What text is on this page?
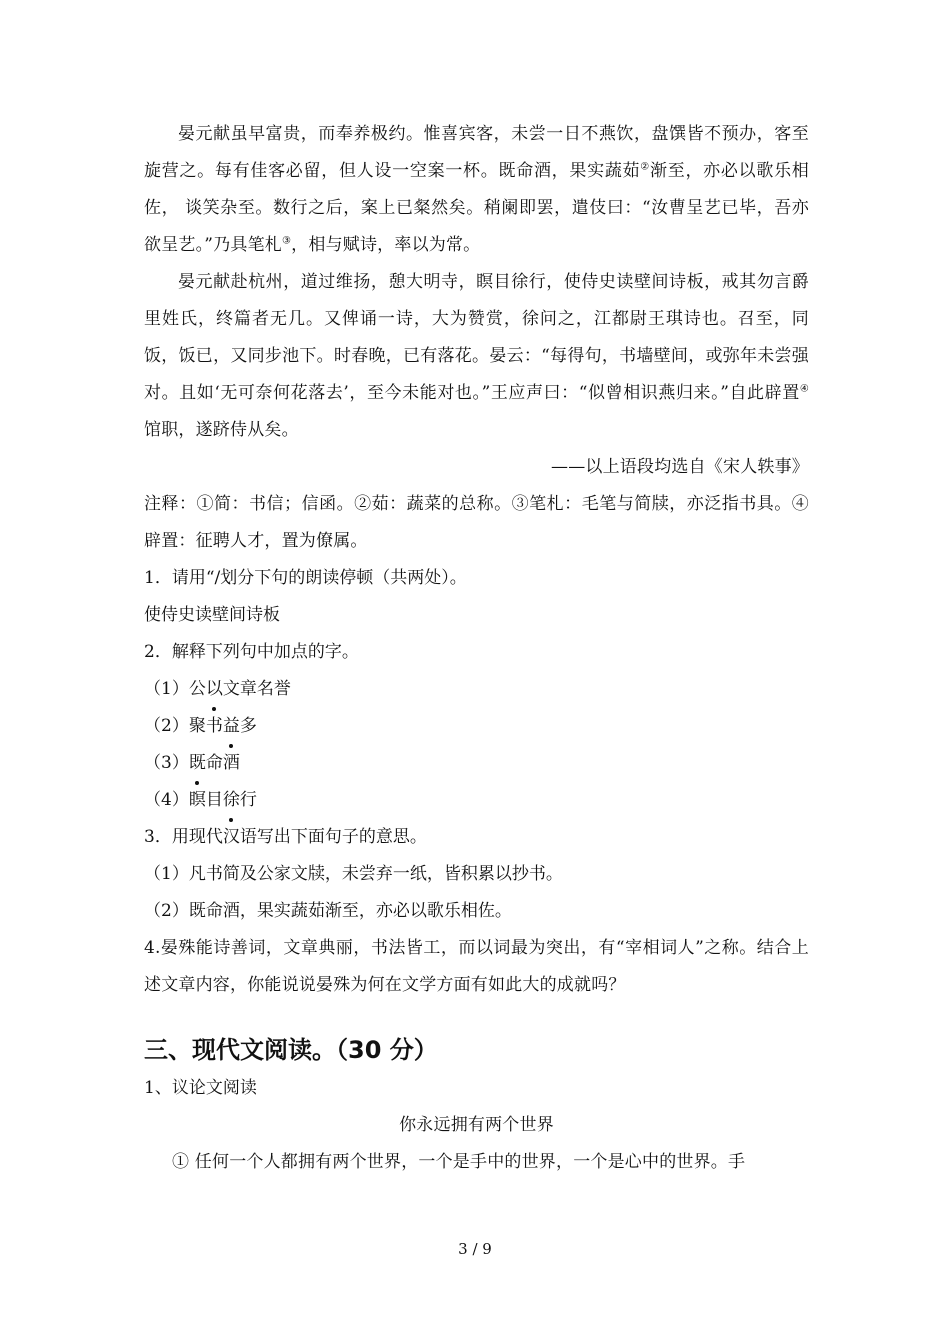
晏元献虽早富贵，而奉养极约。惟喜宾客，未尝一日不燕饮，盘馔皆不预办，客至旋营之。每有佳客必留，但人设一空案一杯。既命酒，果实蔬茹②渐至，亦必以歌乐相佐， 谈笑杂至。数行之后，案上已粲然矣。稍阑即罢，遣伎曰：“汝曹呈艺已毕，吾亦欲呈艺。”乃具笔札③，相与赋诗，率以为常。

晏元献赴杭州，道过维扬，憩大明寺，瞑目徐行，使侍史读壁间诗板，戒其勿言爵里姓氏，终篇者无几。又俾诵一诗，大为赞赏，徐问之，江都尉王琪诗也。召至，同饭，饭已，又同步池下。时春晚，已有落花。晏云：“每得句，书墙壁间，或弥年未尝强对。且如‘无可奈何花落去’，至今未能对也。”王应声曰：“似曾相识燕归来。”自此辟置④馆职，遂跻侍从矣。

——以上语段均选自《宋人轶事》

注释：①简：书信；信函。②茹：蔬菜的总称。③笔札：毛笔与简牍，亦泛指书具。④辟置：征聘人才，置为僚属。

1．请用“/划分下句的朗读停顿（共两处）。

使侍史读壁间诗板

2．解释下列句中加点的字。

（1）公以文章名誉

（2）聚书益多

（3）既命酒

（4）瞑目徐行

3．用现代汉语写出下面句子的意思。

（1）凡书简及公家文牍，未尝弃一纸，皆积累以抄书。

（2）既命酒，果实蔬茹渐至，亦必以歌乐相佐。

4.晏殊能诗善词，文章典丽，书法皆工，而以词最为突出，有“宰相词人”之称。结合上述文章内容，你能说说晏殊为何在文学方面有如此大的成就吗？

三、现代文阅读。（30 分）

1、议论文阅读

你永远拥有两个世界

① 任何一个人都拥有两个世界，一个是手中的世界，一个是心中的世界。手

3 / 9
